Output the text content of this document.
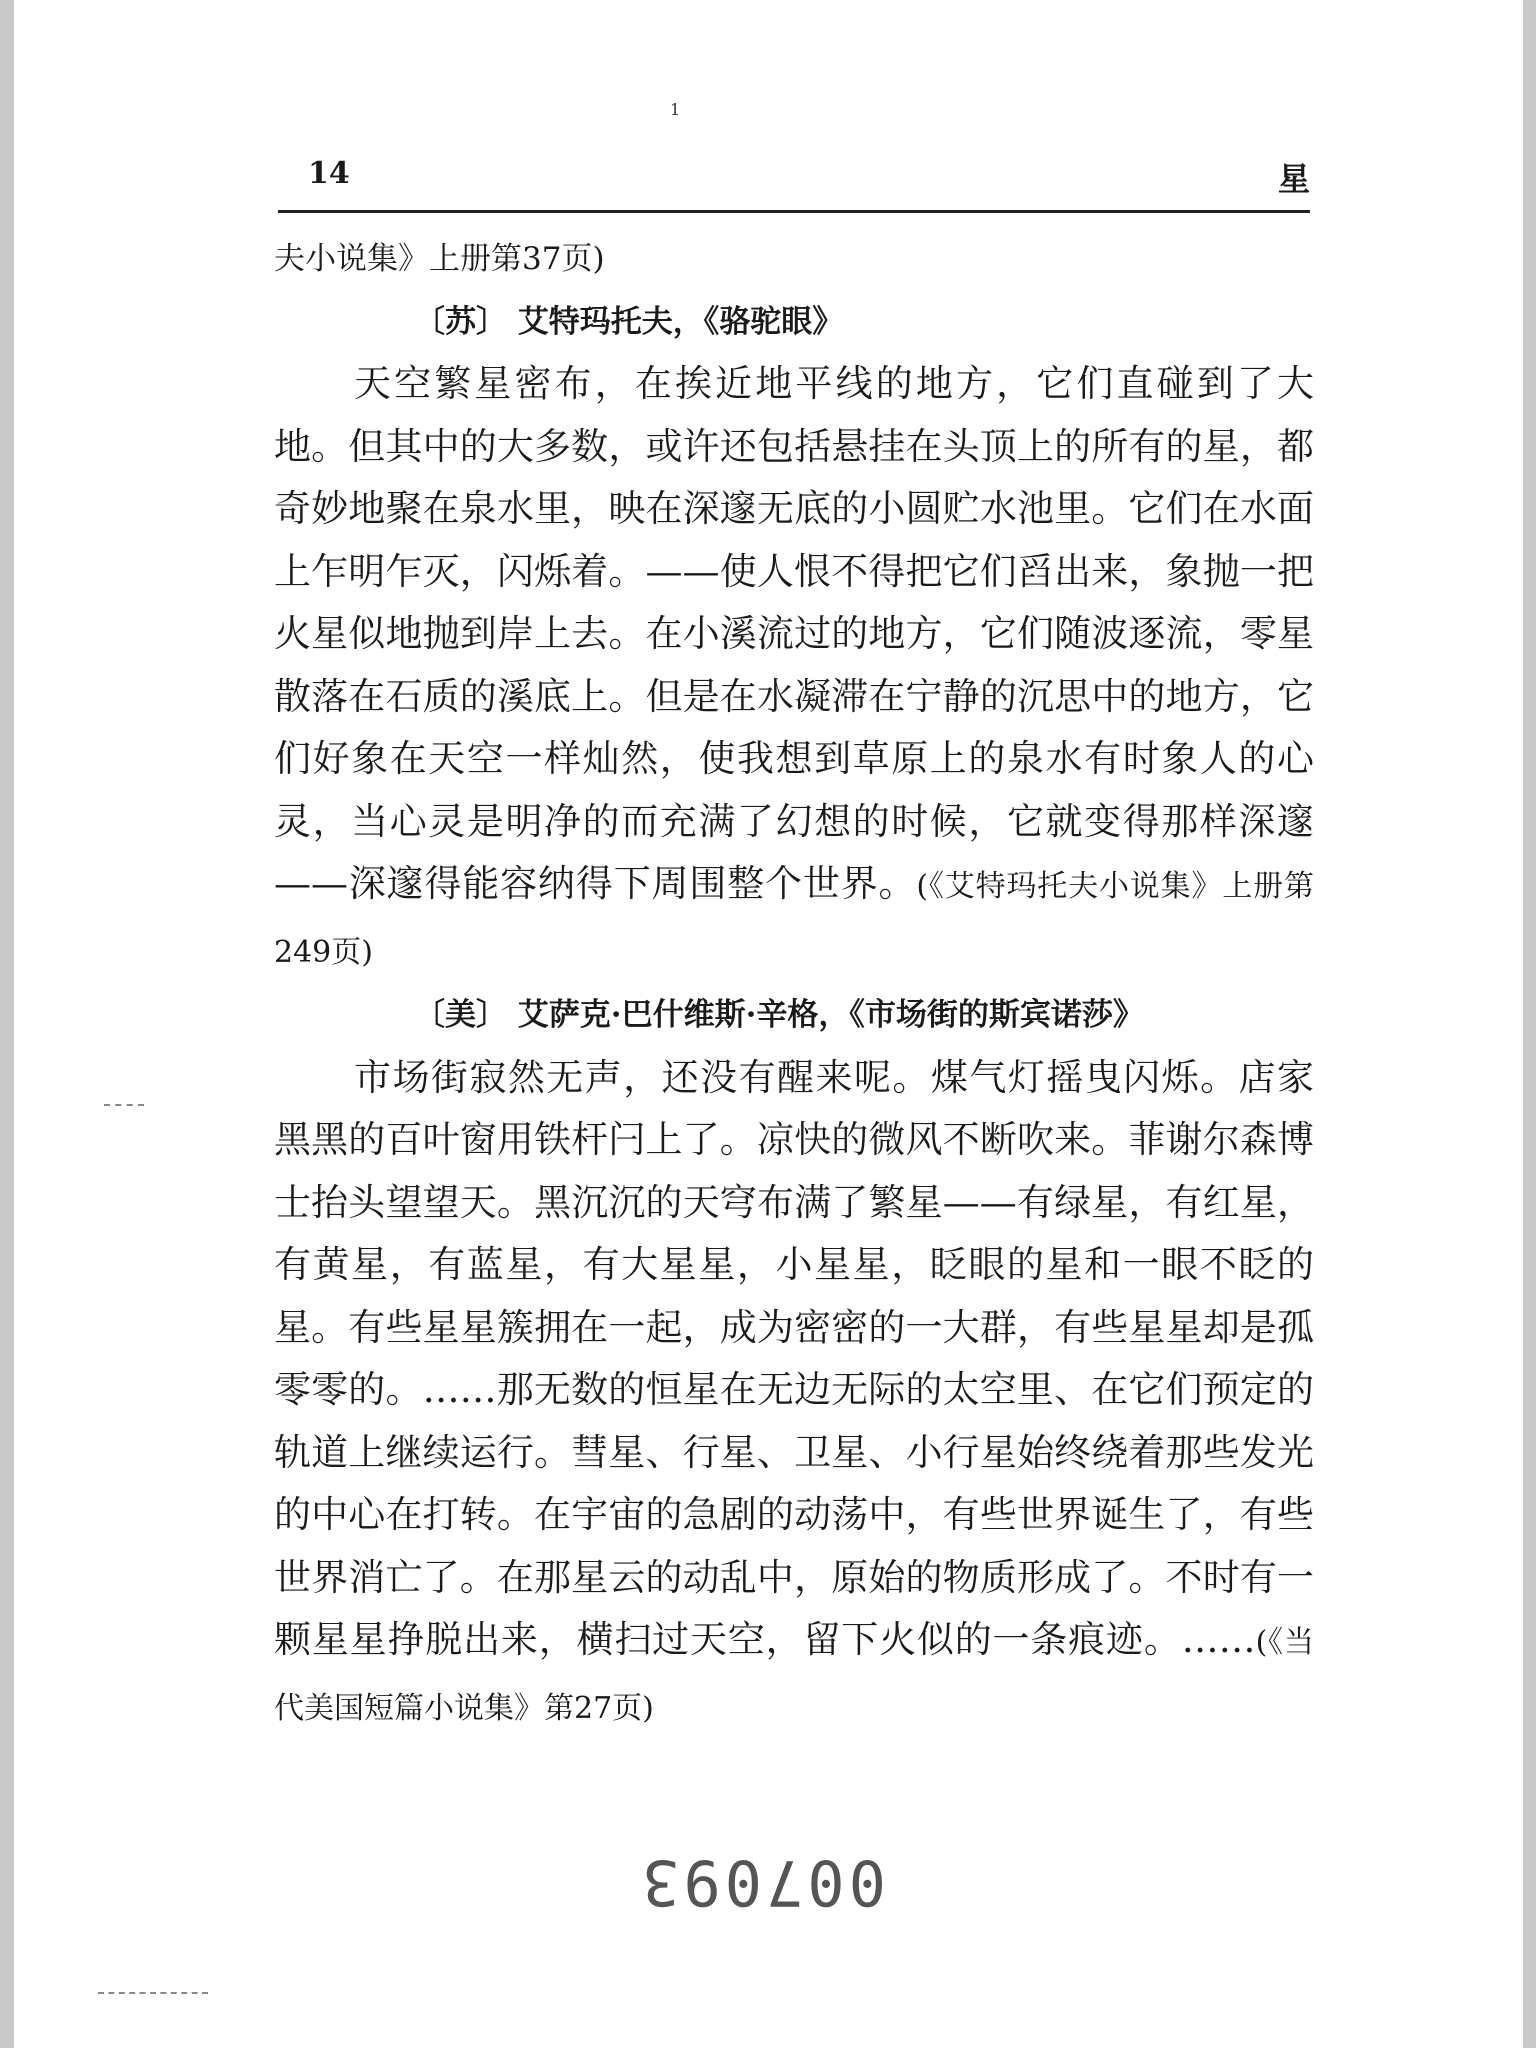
1
14	星

夫小说集》上册第37页)

〔苏〕 艾特玛托夫，《骆驼眼》

天空繁星密布，在挨近地平线的地方，它们直碰到了大地。但其中的大多数，或许还包括悬挂在头顶上的所有的星，都奇妙地聚在泉水里，映在深邃无底的小圆贮水池里。它们在水面上乍明乍灭，闪烁着。——使人恨不得把它们舀出来，象抛一把火星似地抛到岸上去。在小溪流过的地方，它们随波逐流，零星散落在石质的溪底上。但是在水凝滞在宁静的沉思中的地方，它们好象在天空一样灿然，使我想到草原上的泉水有时象人的心灵，当心灵是明净的而充满了幻想的时候，它就变得那样深邃——深邃得能容纳得下周围整个世界。(《艾特玛托夫小说集》上册第249页)

〔美〕 艾萨克·巴什维斯·辛格，《市场街的斯宾诺莎》

市场街寂然无声，还没有醒来呢。煤气灯摇曳闪烁。店家黑黑的百叶窗用铁杆闩上了。凉快的微风不断吹来。菲谢尔森博士抬头望望天。黑沉沉的天穹布满了繁星——有绿星，有红星，有黄星，有蓝星，有大星星，小星星，眨眼的星和一眼不眨的星。有些星星簇拥在一起，成为密密的一大群，有些星星却是孤零零的。……那无数的恒星在无边无际的太空里、在它们预定的轨道上继续运行。彗星、行星、卫星、小行星始终绕着那些发光的中心在打转。在宇宙的急剧的动荡中，有些世界诞生了，有些世界消亡了。在那星云的动乱中，原始的物质形成了。不时有一颗星星挣脱出来，横扫过天空，留下火似的一条痕迹。……(《当代美国短篇小说集》第27页)

007093
